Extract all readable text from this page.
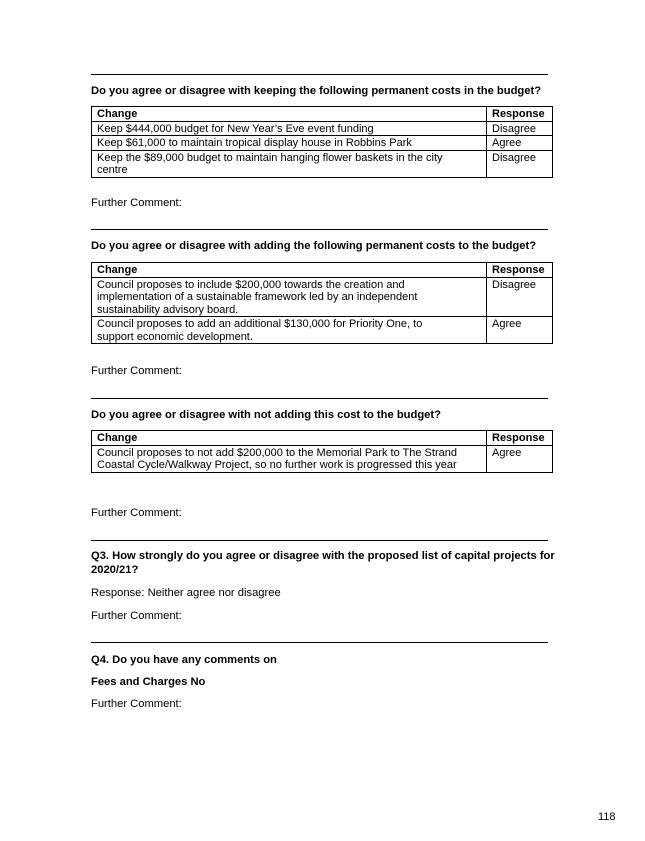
Do you agree or disagree with keeping the following permanent costs in the budget?
Change	Response
Keep $444,000 budget for New Year’s Eve event funding	Disagree
Keep $61,000 to maintain tropical display house in Robbins Park	Agree
Keep the $89,000 budget to maintain hanging flower baskets in the city centre	Disagree
Further Comment:
Do you agree or disagree with adding the following permanent costs to the budget?
Change	Response
Council proposes to include $200,000 towards the creation and implementation of a sustainable framework led by an independent sustainability advisory board.	Disagree
Council proposes to add an additional $130,000 for Priority One, to support economic development.	Agree
Further Comment:
Do you agree or disagree with not adding this cost to the budget?
Change	Response
Council proposes to not add $200,000 to the Memorial Park to The Strand Coastal Cycle/Walkway Project, so no further work is progressed this year	Agree
Further Comment:
Q3. How strongly do you agree or disagree with the proposed list of capital projects for 2020/21?
Response: Neither agree nor disagree
Further Comment:
Q4. Do you have any comments on
Fees and Charges No
Further Comment:
118
